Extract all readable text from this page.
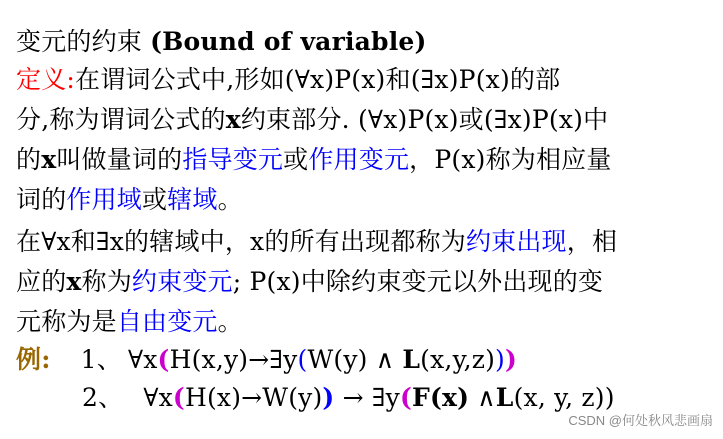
变元的约束 (Bound of variable)
定义:在谓词公式中,形如(∀x)P(x)和(∃x)P(x)的部
分,称为谓词公式的x约束部分. (∀x)P(x)或(∃x)P(x)中
的x叫做量词的指导变元或作用变元，P(x)称为相应量
词的作用域或辖域。
在∀x和∃x的辖域中，x的所有出现都称为约束出现，相
应的x称为约束变元; P(x)中除约束变元以外出现的变
元称为是自由变元。
例: 1、 ∀x(H(x,y)→∃y(W(y) ∧ L(x,y,z)))
2、 ∀x(H(x)→W(y)) → ∃y(F(x) ∧L(x, y, z))
CSDN @何处秋风悲画扇
